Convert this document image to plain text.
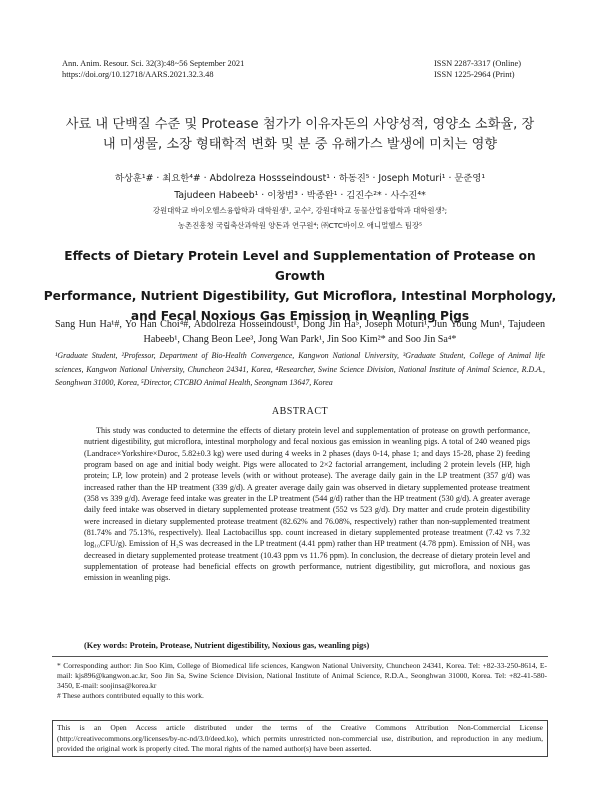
Ann. Anim. Resour. Sci. 32(3):48~56 September 2021
https://doi.org/10.12718/AARS.2021.32.3.48
ISSN 2287-3317 (Online)
ISSN 1225-2964 (Print)
사료 내 단백질 수준 및 Protease 첨가가 이유자돈의 사양성적, 영양소 소화율, 장
내 미생물, 소장 형태학적 변화 및 분 중 유해가스 발생에 미치는 영향
하상훈¹# · 최요한⁴# · Abdolreza Hossseindoust¹ · 하동진⁵ · Joseph Moturi¹ · 문준영¹
Tajudeen Habeeb¹ · 이창범³ · 박종완¹ · 김진수²* · 사수진⁴*
강원대학교 바이오헬스융합학과 대학원생¹, 교수², 강원대학교 동물산업융합학과 대학원생³;
농촌진흥청 국립축산과학원 양돈과 연구원⁴; ㈜CTC바이오 애니멀헬스 팀장⁵
Effects of Dietary Protein Level and Supplementation of Protease on Growth
Performance, Nutrient Digestibility, Gut Microflora, Intestinal Morphology,
and Fecal Noxious Gas Emission in Weanling Pigs
Sang Hun Ha¹#, Yo Han Choi⁴#, Abdolreza Hosseindoust¹, Dong Jin Ha⁵, Joseph Moturi¹, Jun Young Mun¹, Tajudeen Habeeb¹, Chang Beon Lee³, Jong Wan Park¹, Jin Soo Kim²* and Soo Jin Sa⁴*
¹Graduate Student, ²Professor, Department of Bio-Health Convergence, Kangwon National University, ³Graduate Student, College of Animal life sciences, Kangwon National University, Chuncheon 24341, Korea, ⁴Researcher, Swine Science Division, National Institute of Animal Science, R.D.A., Seonghwan 31000, Korea, ⁵Director, CTCBIO Animal Health, Seongnam 13647, Korea
ABSTRACT
This study was conducted to determine the effects of dietary protein level and supplementation of protease on growth performance, nutrient digestibility, gut microflora, intestinal morphology and fecal noxious gas emission in weanling pigs. A total of 240 weaned pigs (Landrace×Yorkshire×Duroc, 5.82±0.3 kg) were used during 4 weeks in 2 phases (days 0-14, phase 1; and days 15-28, phase 2) feeding program based on age and initial body weight. Pigs were allocated to 2×2 factorial arrangement, including 2 protein levels (HP, high protein; LP, low protein) and 2 protease levels (with or without protease). The average daily gain in the LP treatment (357 g/d) was increased rather than the HP treatment (339 g/d). A greater average daily gain was observed in dietary supplemented protease treatment (358 vs 339 g/d). Average feed intake was greater in the LP treatment (544 g/d) rather than the HP treatment (530 g/d). A greater average daily feed intake was observed in dietary supplemented protease treatment (552 vs 523 g/d). Dry matter and crude protein digestibility were increased in dietary supplemented protease treatment (82.62% and 76.08%, respectively) rather than non-supplemented treatment (81.74% and 75.13%, respectively). Ileal Lactobacillus spp. count increased in dietary supplemented protease treatment (7.42 vs 7.32 log₁₀CFU/g). Emission of H₂S was decreased in the LP treatment (4.41 ppm) rather than HP treatment (4.78 ppm). Emission of NH₃ was decreased in dietary supplemented protease treatment (10.43 ppm vs 11.76 ppm). In conclusion, the decrease of dietary protein level and supplementation of protease had beneficial effects on growth performance, nutrient digestibility, gut microflora, and noxious gas emission in weanling pigs.
(Key words: Protein, Protease, Nutrient digestibility, Noxious gas, weanling pigs)
* Corresponding author: Jin Soo Kim, College of Biomedical life sciences, Kangwon National University, Chuncheon 24341, Korea. Tel: +82-33-250-8614, E-mail: kjs896@kangwon.ac.kr, Soo Jin Sa, Swine Science Division, National Institute of Animal Science, R.D.A., Seonghwan 31000, Korea. Tel: +82-41-580-3450, E-mail: soojinsa@korea.kr
# These authors contributed equally to this work.
This is an Open Access article distributed under the terms of the Creative Commons Attribution Non-Commercial License (http://creativecommons.org/licenses/by-nc-nd/3.0/deed.ko), which permits unrestricted non-commercial use, distribution, and reproduction in any medium, provided the original work is properly cited. The moral rights of the named author(s) have been asserted.
